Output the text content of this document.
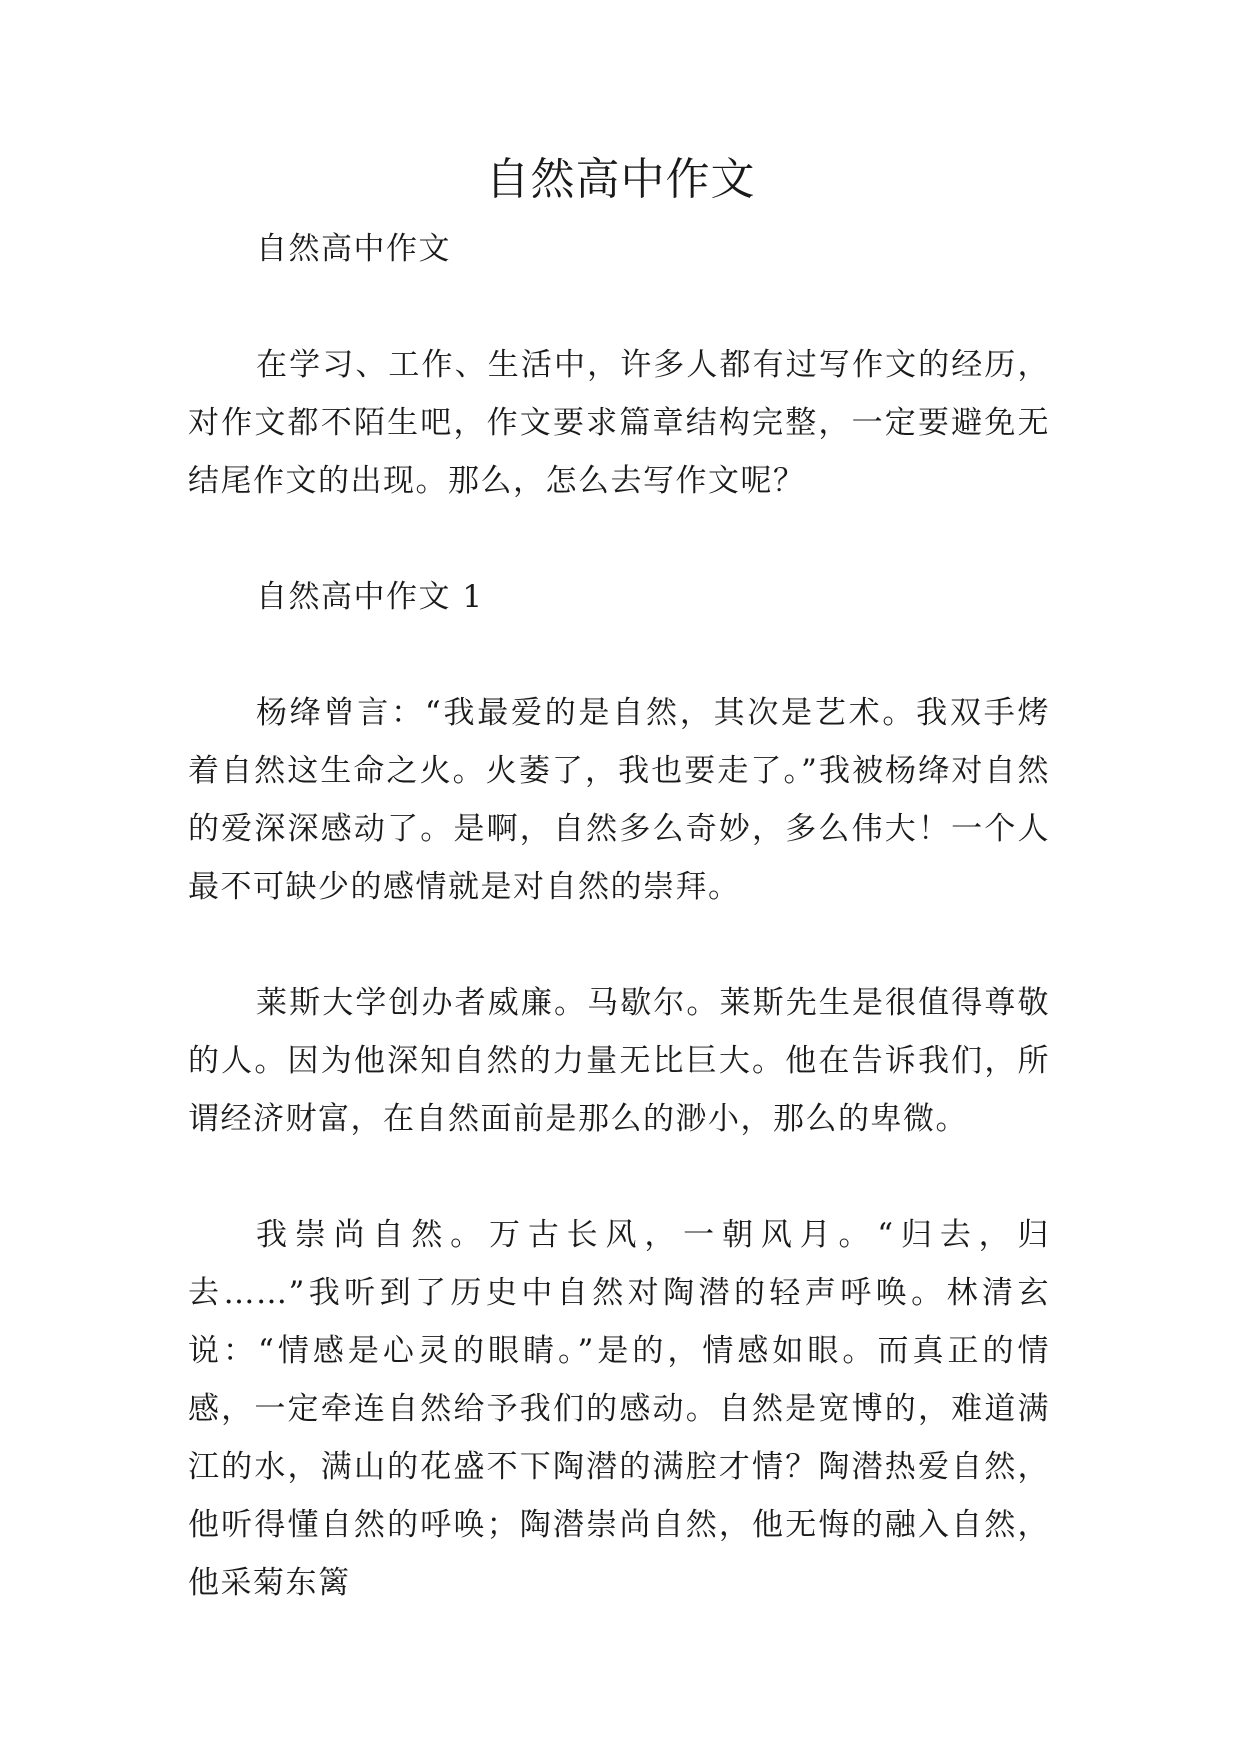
自然高中作文

自然高中作文

在学习、工作、生活中，许多人都有过写作文的经历，对作文都不陌生吧，作文要求篇章结构完整，一定要避免无结尾作文的出现。那么，怎么去写作文呢？

自然高中作文 1

杨绛曾言：“我最爱的是自然，其次是艺术。我双手烤着自然这生命之火。火萎了，我也要走了。”我被杨绛对自然的爱深深感动了。是啊，自然多么奇妙，多么伟大！一个人最不可缺少的感情就是对自然的崇拜。

莱斯大学创办者威廉。马歇尔。莱斯先生是很值得尊敬的人。因为他深知自然的力量无比巨大。他在告诉我们，所谓经济财富，在自然面前是那么的渺小，那么的卑微。

我崇尚自然。万古长风，一朝风月。“归去，归去……”我听到了历史中自然对陶潜的轻声呼唤。林清玄说：“情感是心灵的眼睛。”是的，情感如眼。而真正的情感，一定牵连自然给予我们的感动。自然是宽博的，难道满江的水，满山的花盛不下陶潜的满腔才情？陶潜热爱自然，他听得懂自然的呼唤；陶潜崇尚自然，他无悔的融入自然，他采菊东篱
